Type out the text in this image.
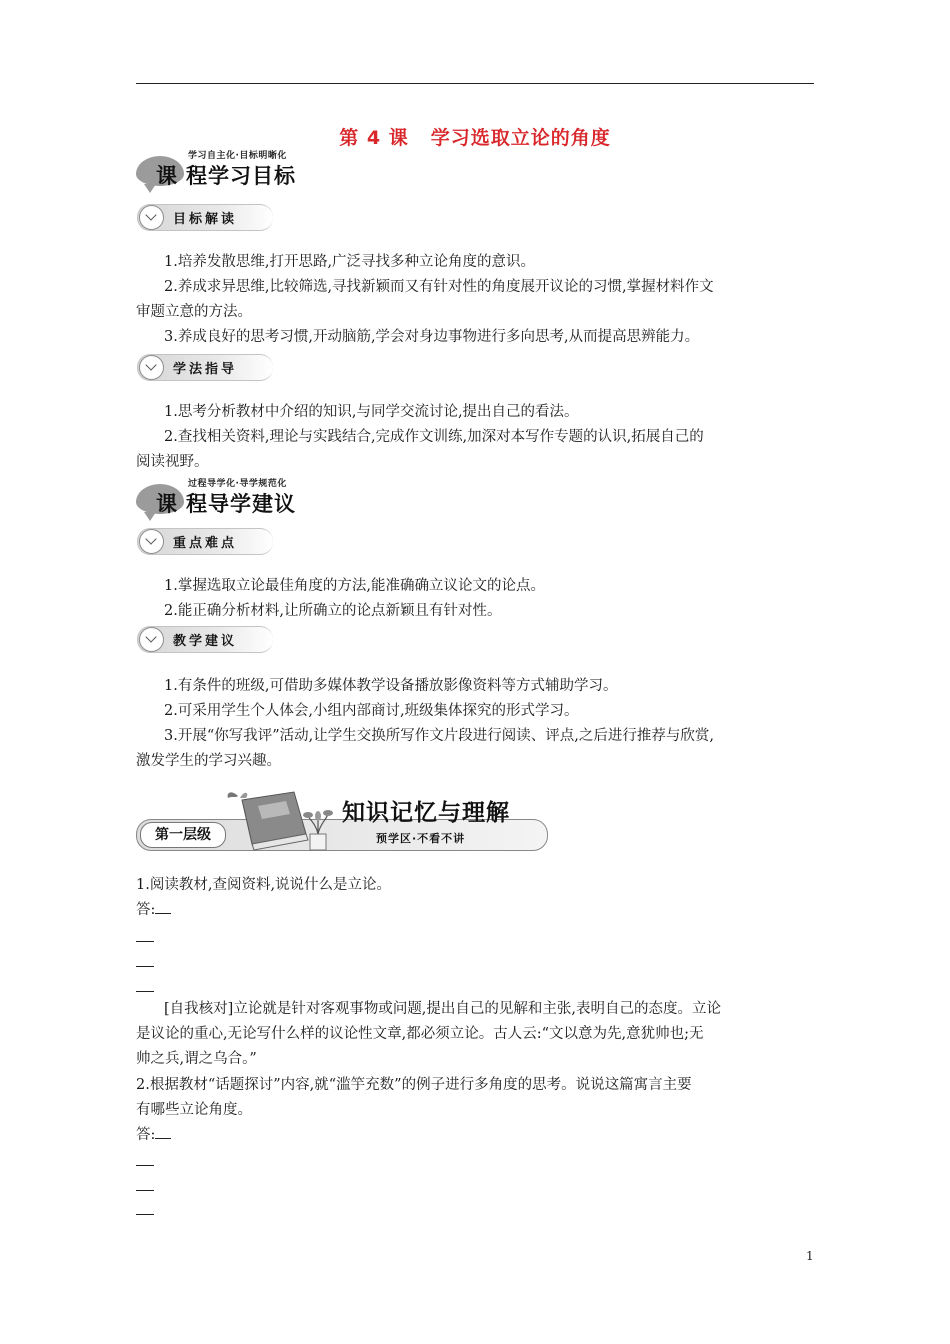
第 4 课 学习选取立论的角度
课 程学习目标
学习自主化·目标明晰化
目标解读
1.培养发散思维,打开思路,广泛寻找多种立论角度的意识。
2.养成求异思维,比较筛选,寻找新颖而又有针对性的角度展开议论的习惯,掌握材料作文
审题立意的方法。
3.养成良好的思考习惯,开动脑筋,学会对身边事物进行多向思考,从而提高思辨能力。
学法指导
1.思考分析教材中介绍的知识,与同学交流讨论,提出自己的看法。
2.查找相关资料,理论与实践结合,完成作文训练,加深对本写作专题的认识,拓展自己的
阅读视野。
课 程导学建议
过程导学化·导学规范化
重点难点
1.掌握选取立论最佳角度的方法,能准确确立议论文的论点。
2.能正确分析材料,让所确立的论点新颖且有针对性。
教学建议
1.有条件的班级,可借助多媒体教学设备播放影像资料等方式辅助学习。
2.可采用学生个人体会,小组内部商讨,班级集体探究的形式学习。
3.开展“你写我评”活动,让学生交换所写作文片段进行阅读、评点,之后进行推荐与欣赏,
激发学生的学习兴趣。
第一层级
知识记忆与理解
预学区·不看不讲
1.阅读教材,查阅资料,说说什么是立论。
答:
[自我核对]立论就是针对客观事物或问题,提出自己的见解和主张,表明自己的态度。立论
是议论的重心,无论写什么样的议论性文章,都必须立论。古人云:“文以意为先,意犹帅也;无
帅之兵,谓之乌合。”
2.根据教材“话题探讨”内容,就“滥竽充数”的例子进行多角度的思考。说说这篇寓言主要
有哪些立论角度。
答:
1
